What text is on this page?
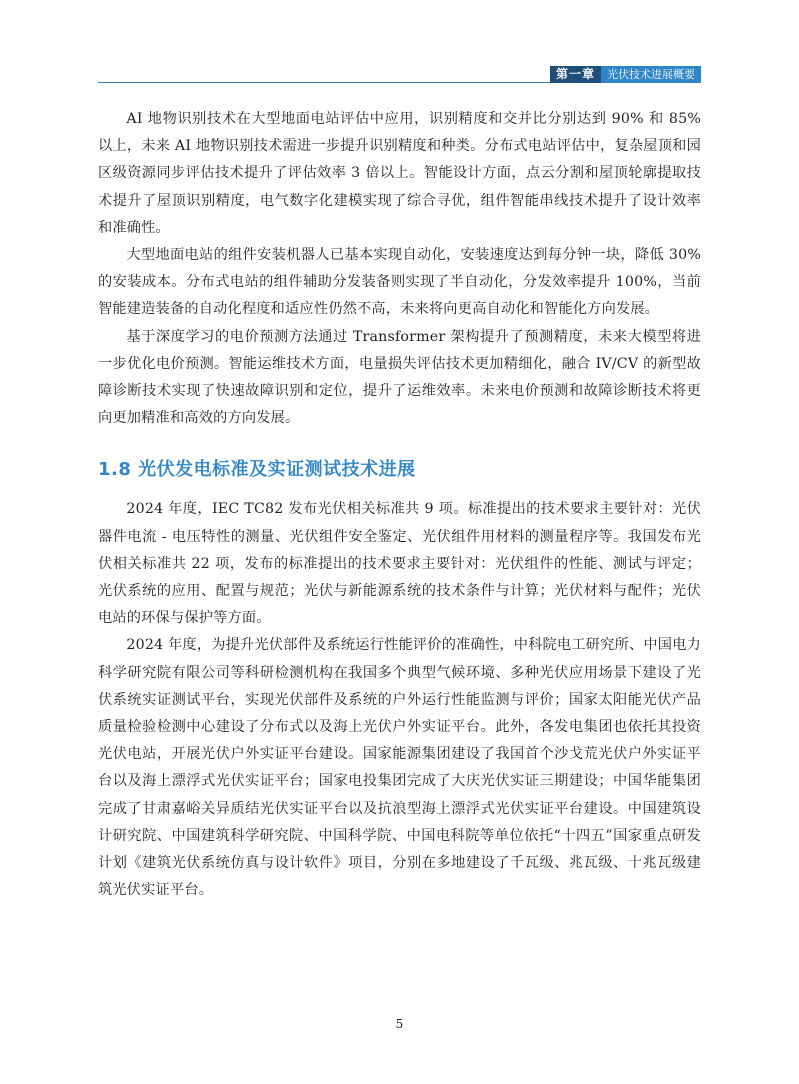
第一章	光伏技术进展概要

AI 地物识别技术在大型地面电站评估中应用，识别精度和交并比分别达到 90% 和 85% 以上，未来 AI 地物识别技术需进一步提升识别精度和种类。分布式电站评估中，复杂屋顶和园区级资源同步评估技术提升了评估效率 3 倍以上。智能设计方面，点云分割和屋顶轮廓提取技术提升了屋顶识别精度，电气数字化建模实现了综合寻优，组件智能串线技术提升了设计效率和准确性。

大型地面电站的组件安装机器人已基本实现自动化，安装速度达到每分钟一块，降低 30% 的安装成本。分布式电站的组件辅助分发装备则实现了半自动化，分发效率提升 100%，当前智能建造装备的自动化程度和适应性仍然不高，未来将向更高自动化和智能化方向发展。

基于深度学习的电价预测方法通过 Transformer 架构提升了预测精度，未来大模型将进一步优化电价预测。智能运维技术方面，电量损失评估技术更加精细化，融合 IV/CV 的新型故障诊断技术实现了快速故障识别和定位，提升了运维效率。未来电价预测和故障诊断技术将更向更加精准和高效的方向发展。

1.8 光伏发电标准及实证测试技术进展

2024 年度，IEC TC82 发布光伏相关标准共 9 项。标准提出的技术要求主要针对：光伏器件电流 - 电压特性的测量、光伏组件安全鉴定、光伏组件用材料的测量程序等。我国发布光伏相关标准共 22 项，发布的标准提出的技术要求主要针对：光伏组件的性能、测试与评定；光伏系统的应用、配置与规范；光伏与新能源系统的技术条件与计算；光伏材料与配件；光伏电站的环保与保护等方面。

2024 年度，为提升光伏部件及系统运行性能评价的准确性，中科院电工研究所、中国电力科学研究院有限公司等科研检测机构在我国多个典型气候环境、多种光伏应用场景下建设了光伏系统实证测试平台，实现光伏部件及系统的户外运行性能监测与评价；国家太阳能光伏产品质量检验检测中心建设了分布式以及海上光伏户外实证平台。此外，各发电集团也依托其投资光伏电站，开展光伏户外实证平台建设。国家能源集团建设了我国首个沙戈荒光伏户外实证平台以及海上漂浮式光伏实证平台；国家电投集团完成了大庆光伏实证三期建设；中国华能集团完成了甘肃嘉峪关异质结光伏实证平台以及抗浪型海上漂浮式光伏实证平台建设。中国建筑设计研究院、中国建筑科学研究院、中国科学院、中国电科院等单位依托“十四五”国家重点研发计划《建筑光伏系统仿真与设计软件》项目，分别在多地建设了千瓦级、兆瓦级、十兆瓦级建筑光伏实证平台。

5
